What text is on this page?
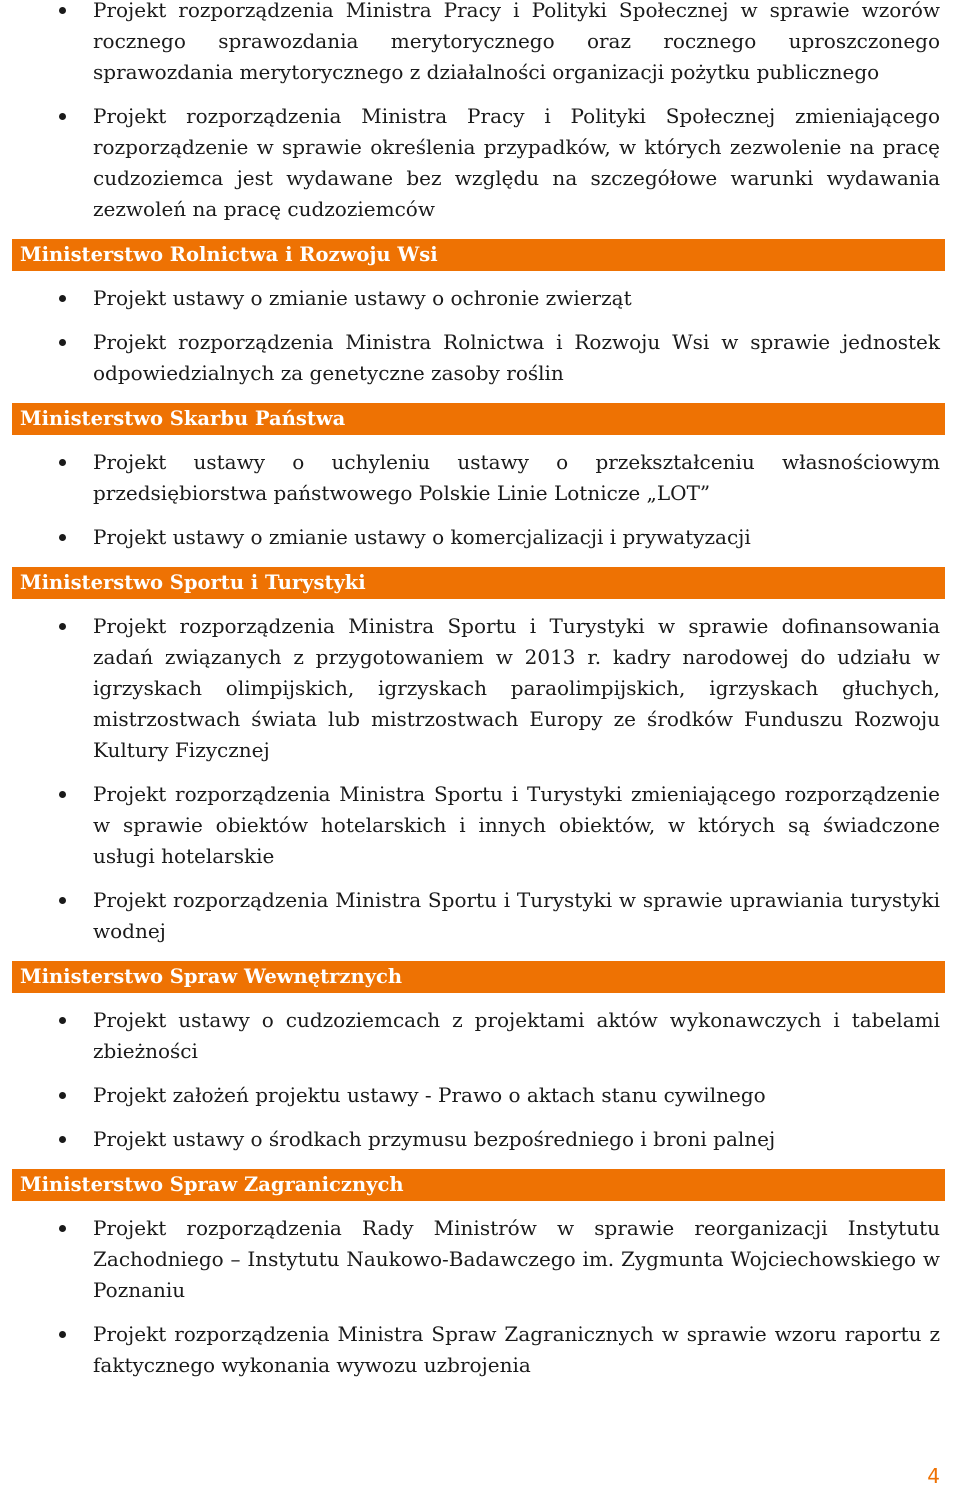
Projekt rozporządzenia Ministra Pracy i Polityki Społecznej w sprawie wzorów rocznego sprawozdania merytorycznego oraz rocznego uproszczonego sprawozdania merytorycznego z działalności organizacji pożytku publicznego
Projekt rozporządzenia Ministra Pracy i Polityki Społecznej zmieniającego rozporządzenie w sprawie określenia przypadków, w których zezwolenie na pracę cudzoziemca jest wydawane bez względu na szczegółowe warunki wydawania zezwoleń na pracę cudzoziemców
Ministerstwo Rolnictwa i Rozwoju Wsi
Projekt ustawy o zmianie ustawy o ochronie zwierząt
Projekt rozporządzenia Ministra Rolnictwa i Rozwoju Wsi w sprawie jednostek odpowiedzialnych za genetyczne zasoby roślin
Ministerstwo Skarbu Państwa
Projekt ustawy o uchyleniu ustawy o przekształceniu własnościowym przedsiębiorstwa państwowego Polskie Linie Lotnicze „LOT”
Projekt ustawy o zmianie ustawy o komercjalizacji i prywatyzacji
Ministerstwo Sportu i Turystyki
Projekt rozporządzenia Ministra Sportu i Turystyki w sprawie dofinansowania zadań związanych z przygotowaniem w 2013 r. kadry narodowej do udziału w igrzyskach olimpijskich, igrzyskach paraolimpijskich, igrzyskach głuchych, mistrzostwach świata lub mistrzostwach Europy ze środków Funduszu Rozwoju Kultury Fizycznej
Projekt rozporządzenia Ministra Sportu i Turystyki zmieniającego rozporządzenie w sprawie obiektów hotelarskich i innych obiektów, w których są świadczone usługi hotelarskie
Projekt rozporządzenia Ministra Sportu i Turystyki w sprawie uprawiania turystyki wodnej
Ministerstwo Spraw Wewnętrznych
Projekt ustawy o cudzoziemcach z projektami aktów wykonawczych i tabelami zbieżności
Projekt założeń projektu ustawy - Prawo o aktach stanu cywilnego
Projekt ustawy o środkach przymusu bezpośredniego i broni palnej
Ministerstwo Spraw Zagranicznych
Projekt rozporządzenia Rady Ministrów w sprawie reorganizacji Instytutu Zachodniego – Instytutu Naukowo-Badawczego im. Zygmunta Wojciechowskiego w Poznaniu
Projekt rozporządzenia Ministra Spraw Zagranicznych w sprawie wzoru raportu z faktycznego wykonania wywozu uzbrojenia
4
